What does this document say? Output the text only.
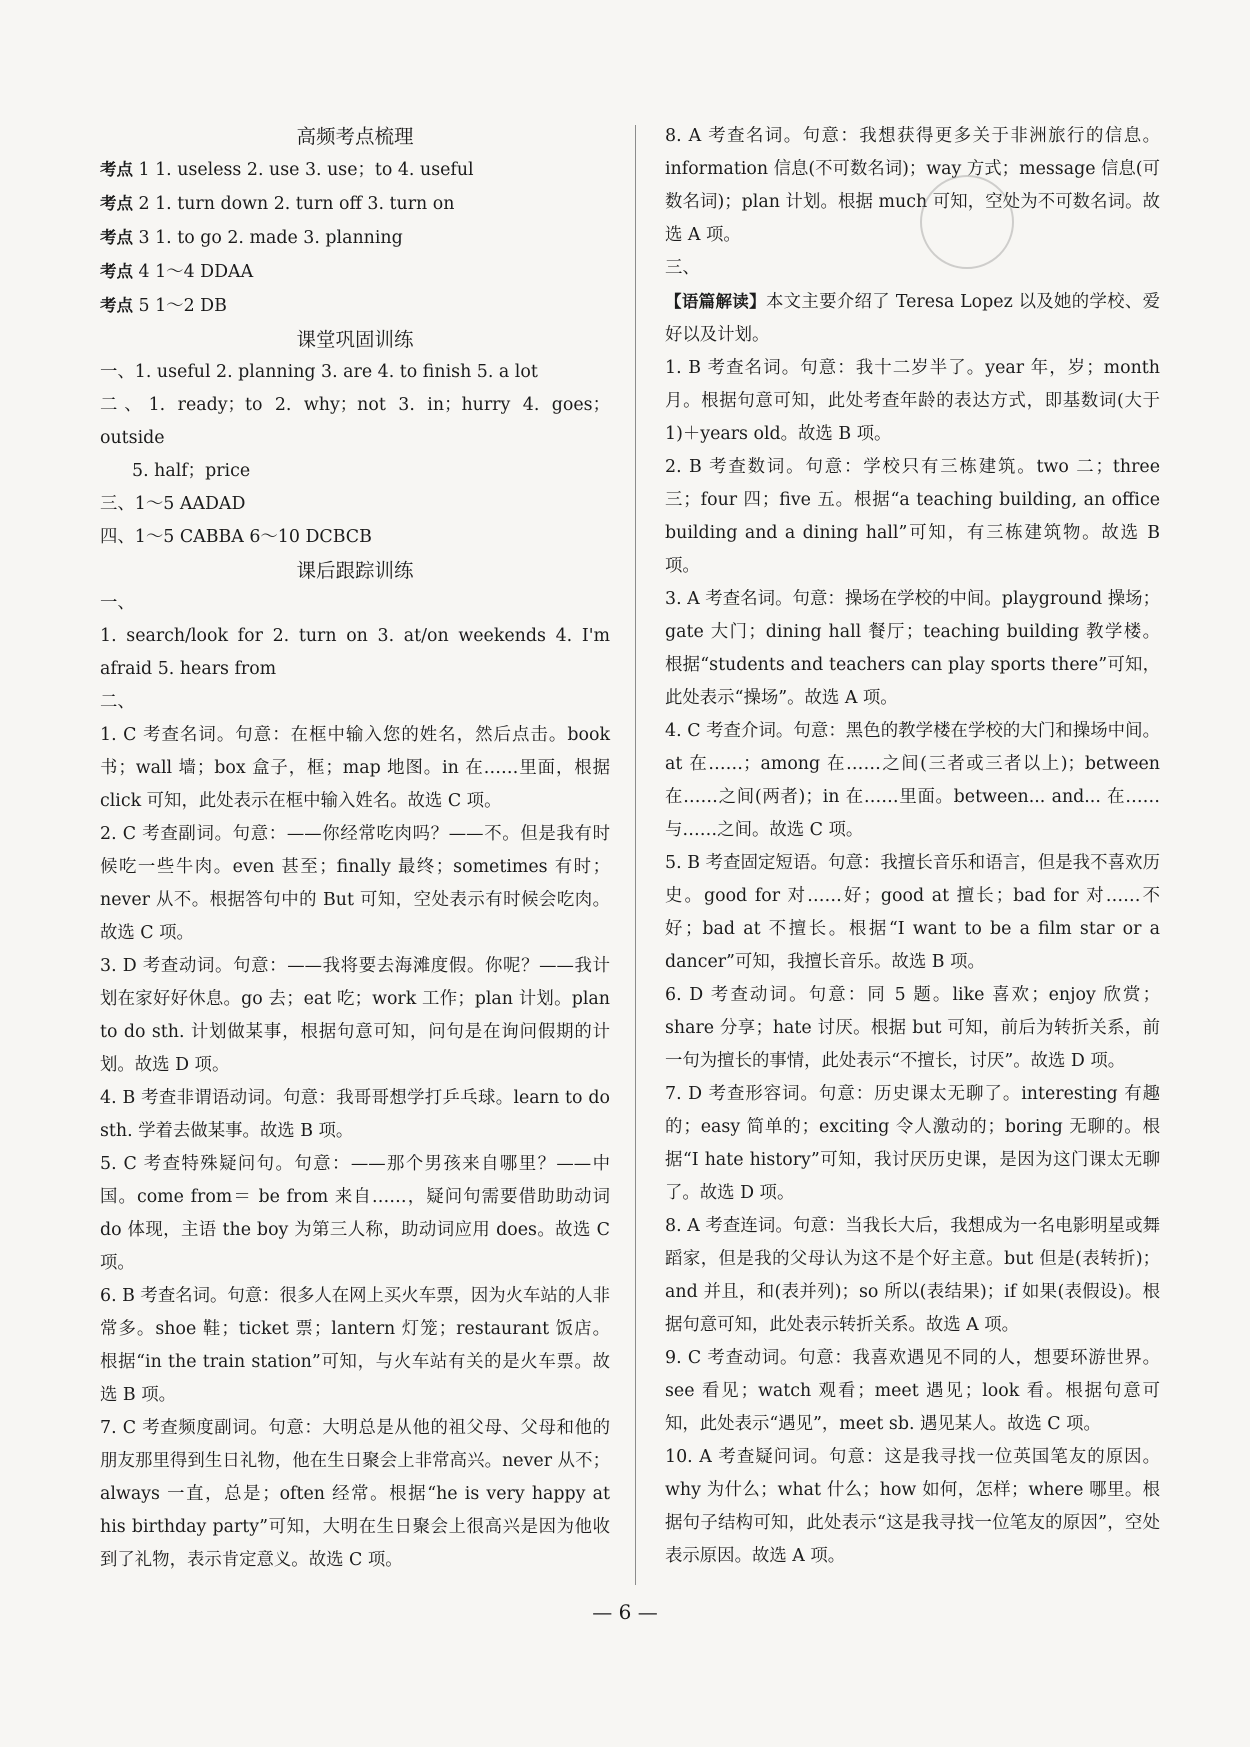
高频考点梳理

考点 1 1. useless 2. use 3. use；to 4. useful

考点 2 1. turn down 2. turn off 3. turn on

考点 3 1. to go 2. made 3. planning

考点 4 1～4 DDAA

考点 5 1～2 DB

课堂巩固训练

一、1. useful 2. planning 3. are 4. to finish 5. a lot

二、1. ready；to 2. why；not 3. in；hurry 4. goes；outside

5. half；price

三、1～5 AADAD

四、1～5 CABBA 6～10 DCBCB

课后跟踪训练

一、

1. search/look for 2. turn on 3. at/on weekends 4. I'm afraid 5. hears from

二、

1. C 考查名词。句意：在框中输入您的姓名，然后点击。book 书；wall 墙；box 盒子，框；map 地图。in 在……里面，根据 click 可知，此处表示在框中输入姓名。故选 C 项。

2. C 考查副词。句意：——你经常吃肉吗？——不。但是我有时候吃一些牛肉。even 甚至；finally 最终；sometimes 有时；never 从不。根据答句中的 But 可知，空处表示有时候会吃肉。故选 C 项。

3. D 考查动词。句意：——我将要去海滩度假。你呢？——我计划在家好好休息。go 去；eat 吃；work 工作；plan 计划。plan to do sth. 计划做某事，根据句意可知，问句是在询问假期的计划。故选 D 项。

4. B 考查非谓语动词。句意：我哥哥想学打乒乓球。learn to do sth. 学着去做某事。故选 B 项。

5. C 考查特殊疑问句。句意：——那个男孩来自哪里？——中国。come from＝ be from 来自……，疑问句需要借助助动词 do 体现，主语 the boy 为第三人称，助动词应用 does。故选 C 项。

6. B 考查名词。句意：很多人在网上买火车票，因为火车站的人非常多。shoe 鞋；ticket 票；lantern 灯笼；restaurant 饭店。根据“in the train station”可知，与火车站有关的是火车票。故选 B 项。

7. C 考查频度副词。句意：大明总是从他的祖父母、父母和他的朋友那里得到生日礼物，他在生日聚会上非常高兴。never 从不；always 一直，总是；often 经常。根据“he is very happy at his birthday party”可知，大明在生日聚会上很高兴是因为他收到了礼物，表示肯定意义。故选 C 项。

8. A 考查名词。句意：我想获得更多关于非洲旅行的信息。information 信息(不可数名词)；way 方式；message 信息(可数名词)；plan 计划。根据 much 可知，空处为不可数名词。故选 A 项。

三、

【语篇解读】本文主要介绍了 Teresa Lopez 以及她的学校、爱好以及计划。

1. B 考查名词。句意：我十二岁半了。year 年，岁；month 月。根据句意可知，此处考查年龄的表达方式，即基数词(大于 1)＋years old。故选 B 项。

2. B 考查数词。句意：学校只有三栋建筑。two 二；three 三；four 四；five 五。根据“a teaching building, an office building and a dining hall”可知，有三栋建筑物。故选 B 项。

3. A 考查名词。句意：操场在学校的中间。playground 操场；gate 大门；dining hall 餐厅；teaching building 教学楼。根据“students and teachers can play sports there”可知，此处表示“操场”。故选 A 项。

4. C 考查介词。句意：黑色的教学楼在学校的大门和操场中间。at 在……；among 在……之间(三者或三者以上)；between 在……之间(两者)；in 在……里面。between... and... 在……与……之间。故选 C 项。

5. B 考查固定短语。句意：我擅长音乐和语言，但是我不喜欢历史。good for 对……好；good at 擅长；bad for 对……不好；bad at 不擅长。根据“I want to be a film star or a dancer”可知，我擅长音乐。故选 B 项。

6. D 考查动词。句意：同 5 题。like 喜欢；enjoy 欣赏；share 分享；hate 讨厌。根据 but 可知，前后为转折关系，前一句为擅长的事情，此处表示“不擅长，讨厌”。故选 D 项。

7. D 考查形容词。句意：历史课太无聊了。interesting 有趣的；easy 简单的；exciting 令人激动的；boring 无聊的。根据“I hate history”可知，我讨厌历史课，是因为这门课太无聊了。故选 D 项。

8. A 考查连词。句意：当我长大后，我想成为一名电影明星或舞蹈家，但是我的父母认为这不是个好主意。but 但是(表转折)；and 并且，和(表并列)；so 所以(表结果)；if 如果(表假设)。根据句意可知，此处表示转折关系。故选 A 项。

9. C 考查动词。句意：我喜欢遇见不同的人，想要环游世界。see 看见；watch 观看；meet 遇见；look 看。根据句意可知，此处表示“遇见”，meet sb. 遇见某人。故选 C 项。

10. A 考查疑问词。句意：这是我寻找一位英国笔友的原因。why 为什么；what 什么；how 如何，怎样；where 哪里。根据句子结构可知，此处表示“这是我寻找一位笔友的原因”，空处表示原因。故选 A 项。

— 6 —
